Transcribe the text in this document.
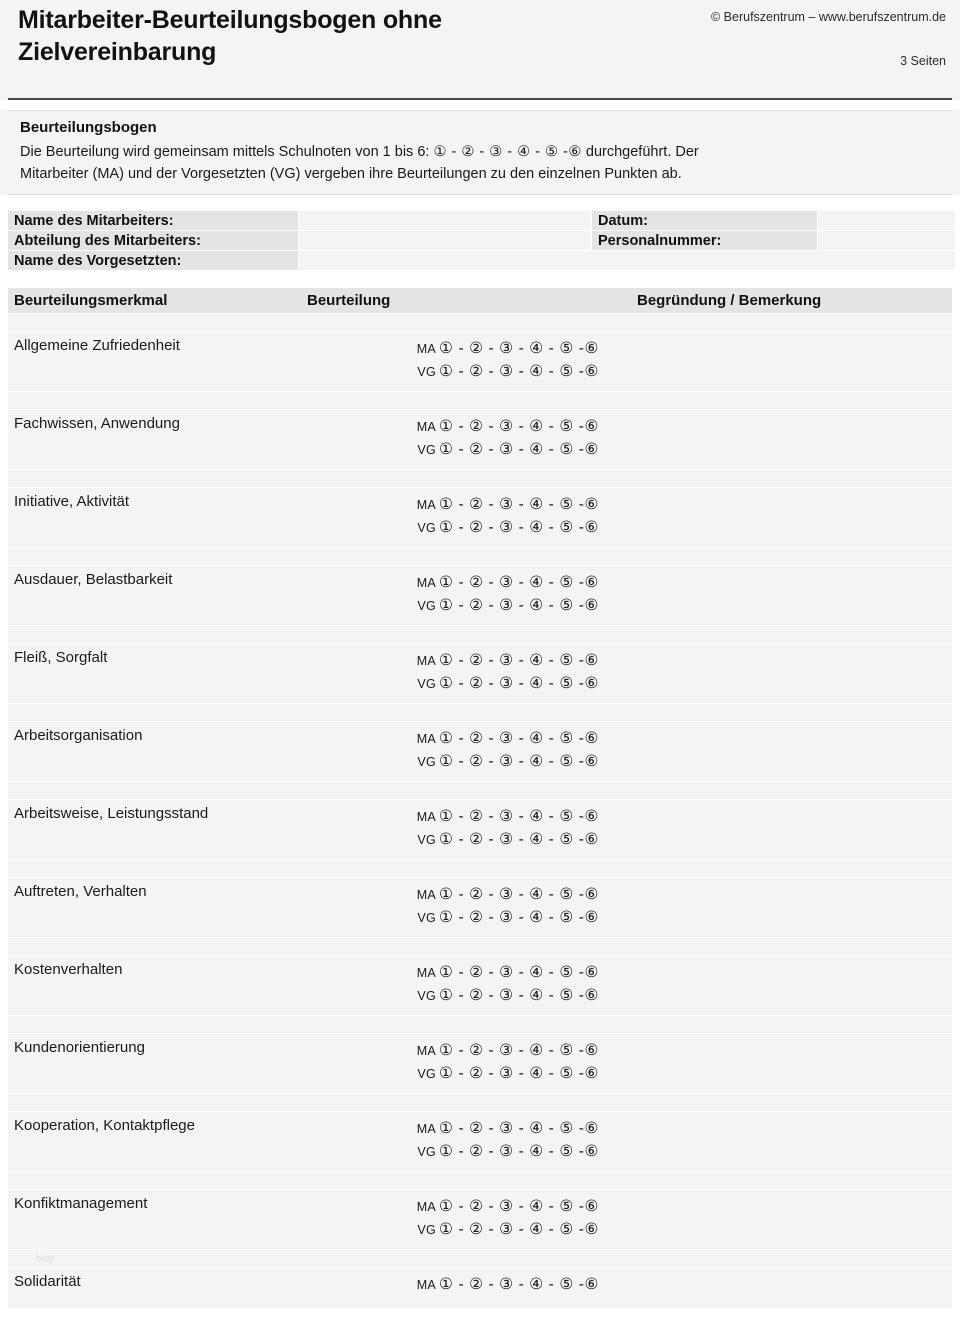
Mitarbeiter-Beurteilungsbogen ohne Zielvereinbarung
© Berufszentrum – www.berufszentrum.de
3 Seiten
Beurteilungsbogen
Die Beurteilung wird gemeinsam mittels Schulnoten von 1 bis 6: ① - ② - ③ - ④ - ⑤ -⑥ durchgeführt. Der
Mitarbeiter (MA) und der Vorgesetzten (VG) vergeben ihre Beurteilungen zu den einzelnen Punkten ab.
Name des Mitarbeiters:	Datum:
Abteilung des Mitarbeiters:	Personalnummer:
Name des Vorgesetzten:
Beurteilungsmerkmal	Beurteilung	Begründung / Bemerkung

Allgemeine Zufriedenheit	MA ① - ② - ③ - ④ - ⑤ -⑥
VG ① - ② - ③ - ④ - ⑤ -⑥	

Fachwissen, Anwendung	MA ① - ② - ③ - ④ - ⑤ -⑥
VG ① - ② - ③ - ④ - ⑤ -⑥	

Initiative, Aktivität	MA ① - ② - ③ - ④ - ⑤ -⑥
VG ① - ② - ③ - ④ - ⑤ -⑥	

Ausdauer, Belastbarkeit	MA ① - ② - ③ - ④ - ⑤ -⑥
VG ① - ② - ③ - ④ - ⑤ -⑥	

Fleiß, Sorgfalt	MA ① - ② - ③ - ④ - ⑤ -⑥
VG ① - ② - ③ - ④ - ⑤ -⑥	

Arbeitsorganisation	MA ① - ② - ③ - ④ - ⑤ -⑥
VG ① - ② - ③ - ④ - ⑤ -⑥	

Arbeitsweise, Leistungsstand	MA ① - ② - ③ - ④ - ⑤ -⑥
VG ① - ② - ③ - ④ - ⑤ -⑥	

Auftreten, Verhalten	MA ① - ② - ③ - ④ - ⑤ -⑥
VG ① - ② - ③ - ④ - ⑤ -⑥	

Kostenverhalten	MA ① - ② - ③ - ④ - ⑤ -⑥
VG ① - ② - ③ - ④ - ⑤ -⑥	

Kundenorientierung	MA ① - ② - ③ - ④ - ⑤ -⑥
VG ① - ② - ③ - ④ - ⑤ -⑥	

Kooperation, Kontaktpflege	MA ① - ② - ③ - ④ - ⑤ -⑥
VG ① - ② - ③ - ④ - ⑤ -⑥	

Konfiktmanagement	MA ① - ② - ③ - ④ - ⑤ -⑥
VG ① - ② - ③ - ④ - ⑤ -⑥	

blog		

Solidarität	MA ① - ② - ③ - ④ - ⑤ -⑥	
